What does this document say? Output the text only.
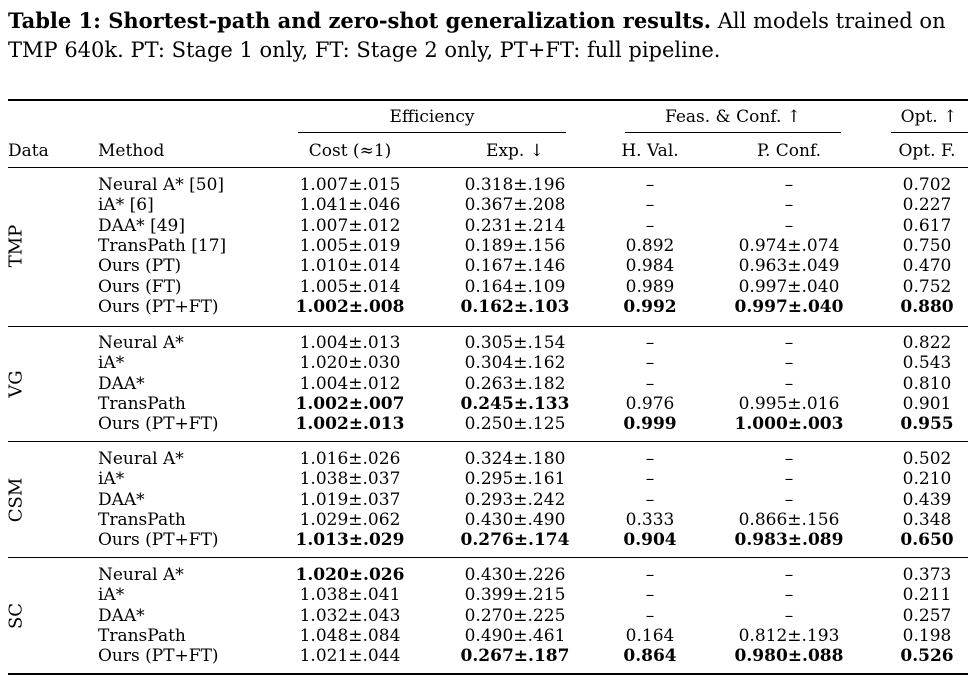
Table 1: Shortest-path and zero-shot generalization results. All models trained on TMP 640k. PT: Stage 1 only, FT: Stage 2 only, PT+FT: full pipeline.
Efficiency	Feas. & Conf. ↑	Opt. ↑
Data	Method	Cost (≈1)	Exp. ↓	H. Val.	P. Conf.	Opt. F.
TMP
Neural A* [50]	1.007±.015	0.318±.196	–	–	0.702
iA* [6]	1.041±.046	0.367±.208	–	–	0.227
DAA* [49]	1.007±.012	0.231±.214	–	–	0.617
TransPath [17]	1.005±.019	0.189±.156	0.892	0.974±.074	0.750
Ours (PT)	1.010±.014	0.167±.146	0.984	0.963±.049	0.470
Ours (FT)	1.005±.014	0.164±.109	0.989	0.997±.040	0.752
Ours (PT+FT)	1.002±.008	0.162±.103	0.992	0.997±.040	0.880
VG
Neural A*	1.004±.013	0.305±.154	–	–	0.822
iA*	1.020±.030	0.304±.162	–	–	0.543
DAA*	1.004±.012	0.263±.182	–	–	0.810
TransPath	1.002±.007	0.245±.133	0.976	0.995±.016	0.901
Ours (PT+FT)	1.002±.013	0.250±.125	0.999	1.000±.003	0.955
CSM
Neural A*	1.016±.026	0.324±.180	–	–	0.502
iA*	1.038±.037	0.295±.161	–	–	0.210
DAA*	1.019±.037	0.293±.242	–	–	0.439
TransPath	1.029±.062	0.430±.490	0.333	0.866±.156	0.348
Ours (PT+FT)	1.013±.029	0.276±.174	0.904	0.983±.089	0.650
SC
Neural A*	1.020±.026	0.430±.226	–	–	0.373
iA*	1.038±.041	0.399±.215	–	–	0.211
DAA*	1.032±.043	0.270±.225	–	–	0.257
TransPath	1.048±.084	0.490±.461	0.164	0.812±.193	0.198
Ours (PT+FT)	1.021±.044	0.267±.187	0.864	0.980±.088	0.526
